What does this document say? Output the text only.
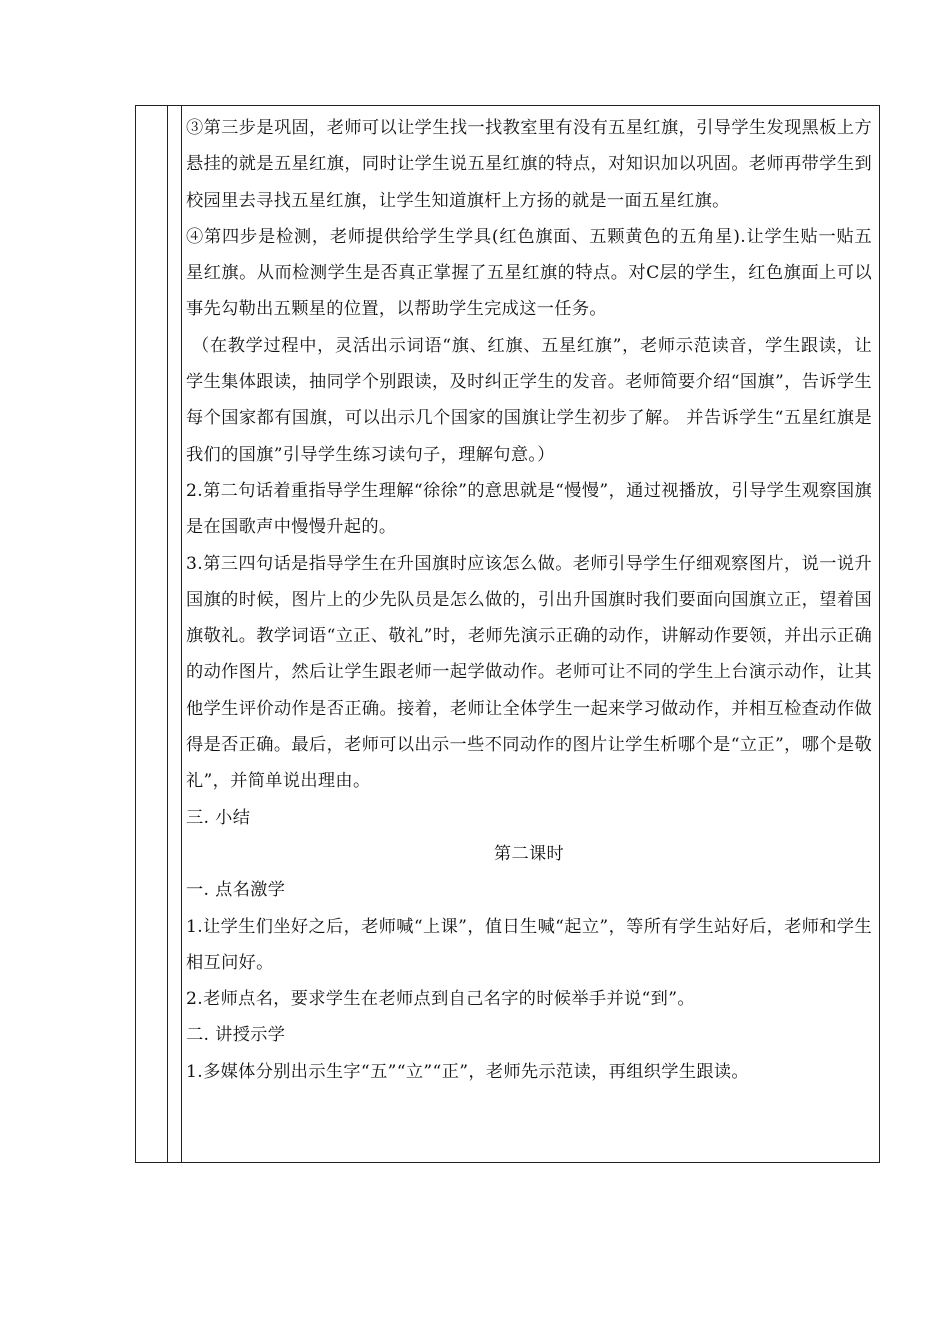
③第三步是巩固，老师可以让学生找一找教室里有没有五星红旗，引导学生发现黑板上方悬挂的就是五星红旗，同时让学生说五星红旗的特点，对知识加以巩固。老师再带学生到校园里去寻找五星红旗，让学生知道旗杆上方扬的就是一面五星红旗。

④第四步是检测，老师提供给学生学具(红色旗面、五颗黄色的五角星).让学生贴一贴五星红旗。从而检测学生是否真正掌握了五星红旗的特点。对C层的学生，红色旗面上可以事先勾勒出五颗星的位置，以帮助学生完成这一任务。

（在教学过程中，灵活出示词语“旗、红旗、五星红旗”，老师示范读音，学生跟读，让学生集体跟读，抽同学个别跟读，及时纠正学生的发音。老师简要介绍“国旗”，告诉学生每个国家都有国旗，可以出示几个国家的国旗让学生初步了解。 并告诉学生“五星红旗是我们的国旗”引导学生练习读句子，理解句意。）

2.第二句话着重指导学生理解“徐徐”的意思就是“慢慢”，通过视播放，引导学生观察国旗是在国歌声中慢慢升起的。

3.第三四句话是指导学生在升国旗时应该怎么做。老师引导学生仔细观察图片，说一说升国旗的时候，图片上的少先队员是怎么做的，引出升国旗时我们要面向国旗立正，望着国旗敬礼。教学词语“立正、敬礼”时，老师先演示正确的动作，讲解动作要领，并出示正确的动作图片，然后让学生跟老师一起学做动作。老师可让不同的学生上台演示动作，让其他学生评价动作是否正确。接着，老师让全体学生一起来学习做动作，并相互检查动作做得是否正确。最后，老师可以出示一些不同动作的图片让学生析哪个是“立正”，哪个是敬礼”，并简单说出理由。

三. 小结

第二课时

一. 点名激学

1.让学生们坐好之后，老师喊“上课”，值日生喊“起立”，等所有学生站好后，老师和学生相互问好。

2.老师点名，要求学生在老师点到自己名字的时候举手并说“到”。

二. 讲授示学

1.多媒体分别出示生字“五”“立”“正”，老师先示范读，再组织学生跟读。
